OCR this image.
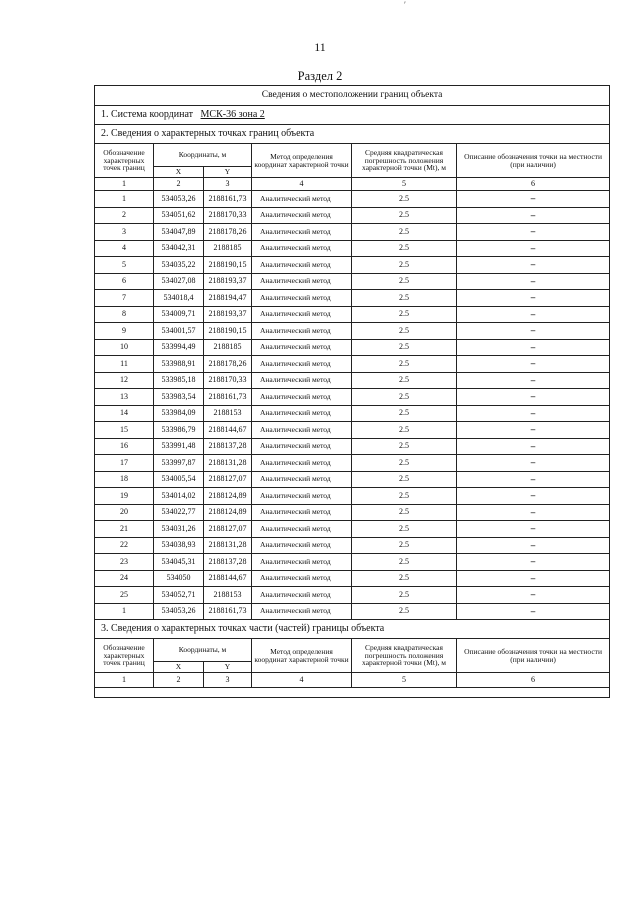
′
11
Раздел 2
Сведения о местоположении границ объекта					
1. Система координат МСК-36 зона 2					
2. Сведения о характерных точках границ объекта					
Обозначение характерных точек границ	Координаты, м		Метод определения координат характерной точки	Средняя квадратическая погрешность положения характерной точки (Mt), м	Описание обозначения точки на местности (при наличии)
	X	Y			
1	2	3	4	5	6
1	534053,26	2188161,73	Аналитический метод	2.5	–
2	534051,62	2188170,33	Аналитический метод	2.5	–
3	534047,89	2188178,26	Аналитический метод	2.5	–
4	534042,31	2188185	Аналитический метод	2.5	–
5	534035,22	2188190,15	Аналитический метод	2.5	–
6	534027,08	2188193,37	Аналитический метод	2.5	–
7	534018,4	2188194,47	Аналитический метод	2.5	–
8	534009,71	2188193,37	Аналитический метод	2.5	–
9	534001,57	2188190,15	Аналитический метод	2.5	–
10	533994,49	2188185	Аналитический метод	2.5	–
11	533988,91	2188178,26	Аналитический метод	2.5	–
12	533985,18	2188170,33	Аналитический метод	2.5	–
13	533983,54	2188161,73	Аналитический метод	2.5	–
14	533984,09	2188153	Аналитический метод	2.5	–
15	533986,79	2188144,67	Аналитический метод	2.5	–
16	533991,48	2188137,28	Аналитический метод	2.5	–
17	533997,87	2188131,28	Аналитический метод	2.5	–
18	534005,54	2188127,07	Аналитический метод	2.5	–
19	534014,02	2188124,89	Аналитический метод	2.5	–
20	534022,77	2188124,89	Аналитический метод	2.5	–
21	534031,26	2188127,07	Аналитический метод	2.5	–
22	534038,93	2188131,28	Аналитический метод	2.5	–
23	534045,31	2188137,28	Аналитический метод	2.5	–
24	534050	2188144,67	Аналитический метод	2.5	–
25	534052,71	2188153	Аналитический метод	2.5	–
1	534053,26	2188161,73	Аналитический метод	2.5	–
3. Сведения о характерных точках части (частей) границы объекта					
Обозначение характерных точек границ	Координаты, м		Метод определения координат характерной точки	Средняя квадратическая погрешность положения характерной точки (Mt), м	Описание обозначения точки на местности (при наличии)
	X	Y			
1	2	3	4	5	6
